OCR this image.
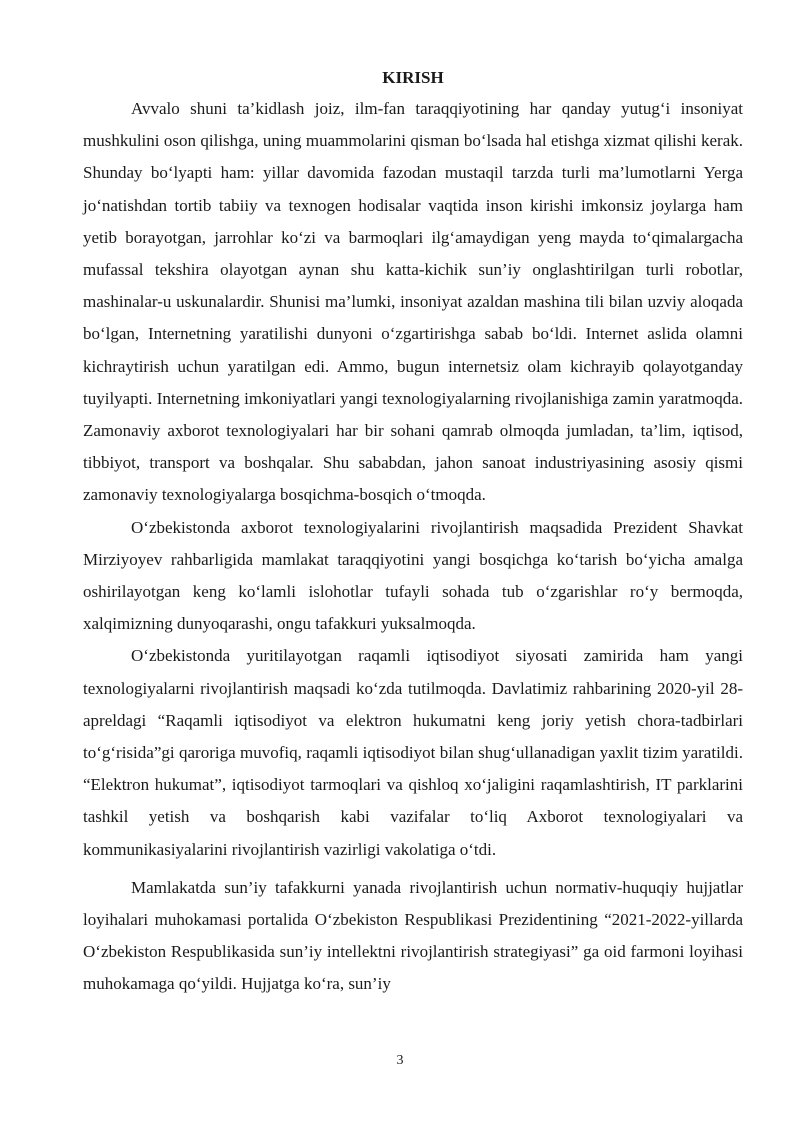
KIRISH

Avvalo shuni ta’kidlash joiz, ilm-fan taraqqiyotining har qanday yutug‘i insoniyat mushkulini oson qilishga, uning muammolarini qisman bo‘lsada hal etishga xizmat qilishi kerak. Shunday bo‘lyapti ham: yillar davomida fazodan mustaqil tarzda turli ma’lumotlarni Yerga jo‘natishdan tortib tabiiy va texnogen hodisalar vaqtida inson kirishi imkonsiz joylarga ham yetib borayotgan, jarrohlar ko‘zi va barmoqlari ilg‘amaydigan yeng mayda to‘qimalargacha mufassal tekshira olayotgan aynan shu katta-kichik sun’iy onglashtirilgan turli robotlar, mashinalar-u uskunalardir. Shunisi ma’lumki, insoniyat azaldan mashina tili bilan uzviy aloqada bo‘lgan, Internetning yaratilishi dunyoni o‘zgartirishga sabab bo‘ldi. Internet aslida olamni kichraytirish uchun yaratilgan edi. Ammo, bugun internetsiz olam kichrayib qolayotganday tuyilyapti. Internetning imkoniyatlari yangi texnologiyalarning rivojlanishiga zamin yaratmoqda. Zamonaviy axborot texnologiyalari har bir sohani qamrab olmoqda jumladan, ta’lim, iqtisod, tibbiyot, transport va boshqalar. Shu sababdan, jahon sanoat industriyasining asosiy qismi zamonaviy texnologiyalarga bosqichma-bosqich o‘tmoqda.

O‘zbekistonda axborot texnologiyalarini rivojlantirish maqsadida Prezident Shavkat Mirziyoyev rahbarligida mamlakat taraqqiyotini yangi bosqichga ko‘tarish bo‘yicha amalga oshirilayotgan keng ko‘lamli islohotlar tufayli sohada tub o‘zgarishlar ro‘y bermoqda, xalqimizning dunyoqarashi, ongu tafakkuri yuksalmoqda.

O‘zbekistonda yuritilayotgan raqamli iqtisodiyot siyosati zamirida ham yangi texnologiyalarni rivojlantirish maqsadi ko‘zda tutilmoqda. Davlatimiz rahbarining 2020-yil 28-apreldagi “Raqamli iqtisodiyot va elektron hukumatni keng joriy yetish chora-tadbirlari to‘g‘risida”gi qaroriga muvofiq, raqamli iqtisodiyot bilan shug‘ullanadigan yaxlit tizim yaratildi. “Elektron hukumat”, iqtisodiyot tarmoqlari va qishloq xo‘jaligini raqamlashtirish, IT parklarini tashkil yetish va boshqarish kabi vazifalar to‘liq Axborot texnologiyalari va kommunikasiyalarini rivojlantirish vazirligi vakolatiga o‘tdi.

Mamlakatda sun’iy tafakkurni yanada rivojlantirish uchun normativ-huquqiy hujjatlar loyihalari muhokamasi portalida O‘zbekiston Respublikasi Prezidentining “2021-2022-yillarda O‘zbekiston Respublikasida sun’iy intellektni rivojlantirish strategiyasi” ga oid farmoni loyihasi muhokamaga qo‘yildi. Hujjatga ko‘ra, sun’iy

3
